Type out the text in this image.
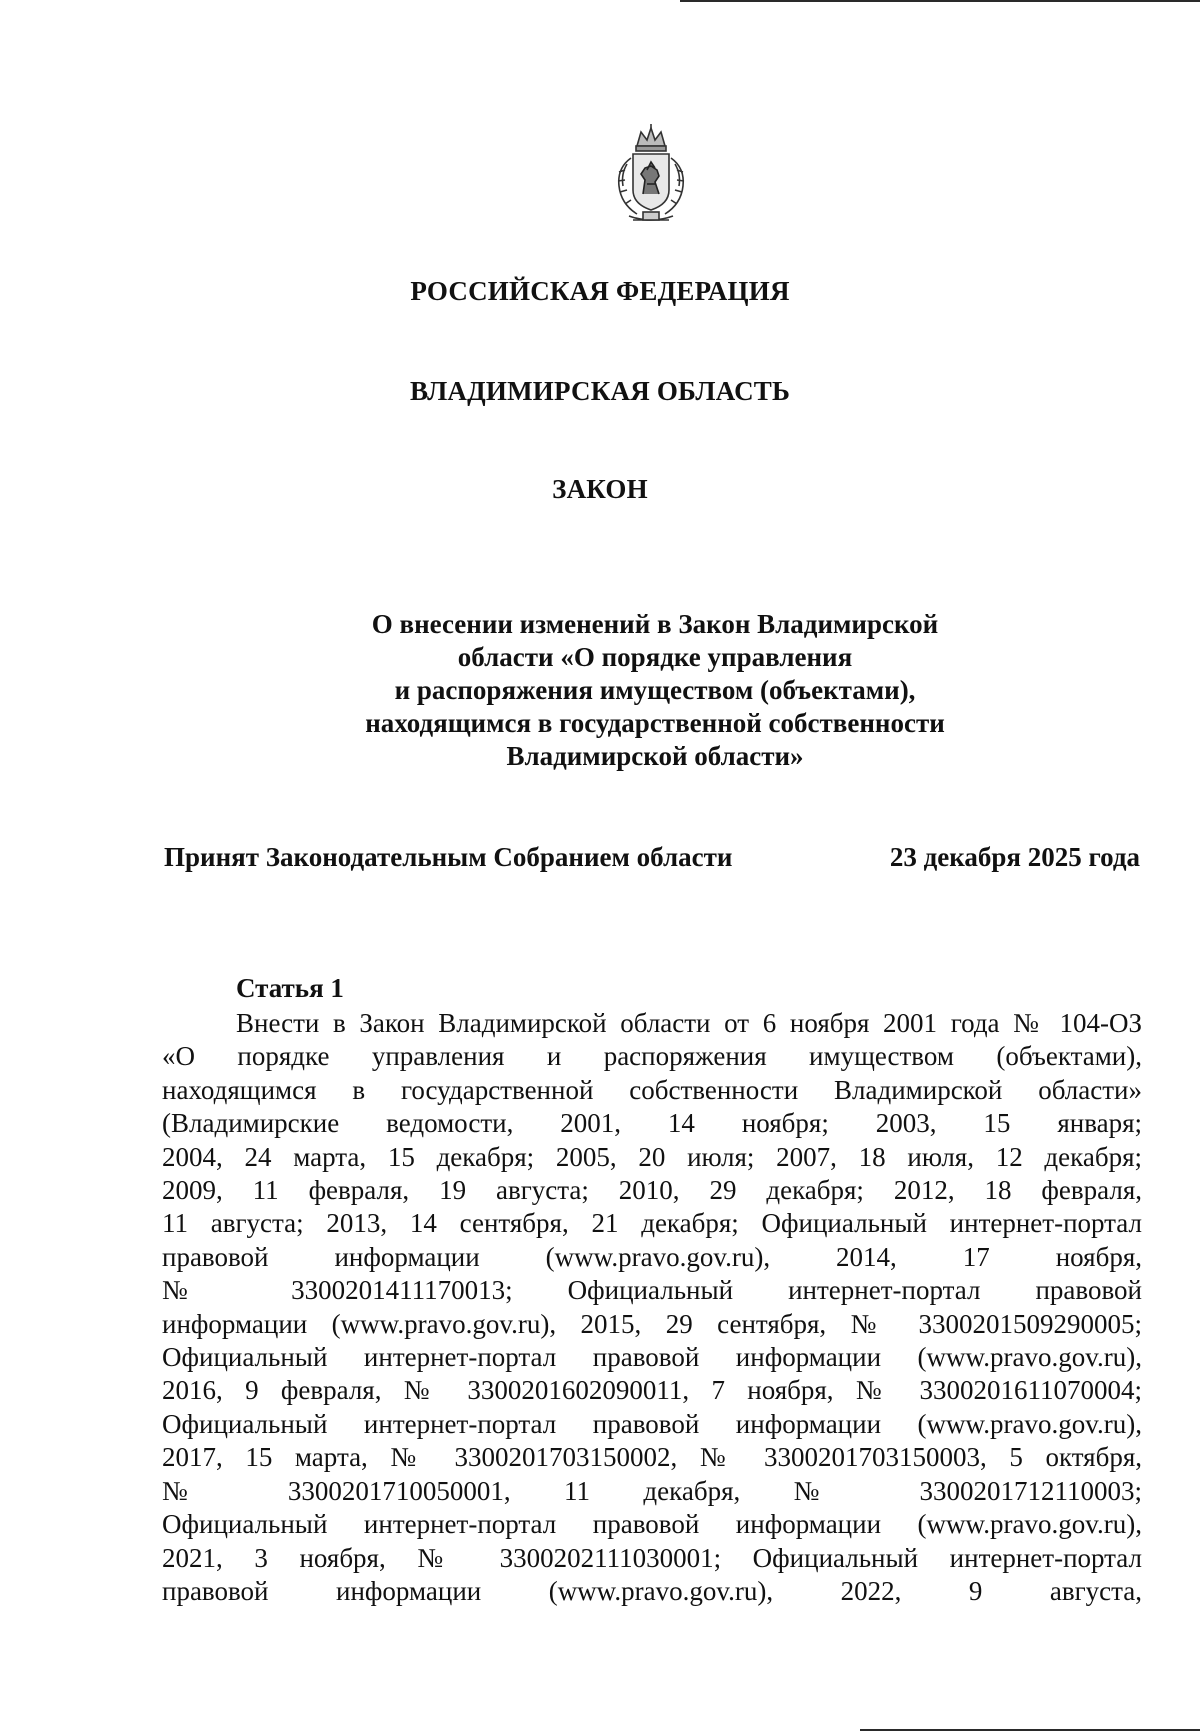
РОССИЙСКАЯ ФЕДЕРАЦИЯ
ВЛАДИМИРСКАЯ ОБЛАСТЬ
ЗАКОН
О внесении изменений в Закон Владимирской
области «О порядке управления
и распоряжения имуществом (объектами),
находящимся в государственной собственности
Владимирской области»
Принят Законодательным Собранием области	23 декабря 2025 года
Статья 1
Внести в Закон Владимирской области от 6 ноября 2001 года № 104-ОЗ
«О порядке управления и распоряжения имуществом (объектами),
находящимся в государственной собственности Владимирской области»
(Владимирские ведомости, 2001, 14 ноября; 2003, 15 января;
2004, 24 марта, 15 декабря; 2005, 20 июля; 2007, 18 июля, 12 декабря;
2009, 11 февраля, 19 августа; 2010, 29 декабря; 2012, 18 февраля,
11 августа; 2013, 14 сентября, 21 декабря; Официальный интернет-портал
правовой информации (www.pravo.gov.ru), 2014, 17 ноября,
№ 3300201411170013; Официальный интернет-портал правовой
информации (www.pravo.gov.ru), 2015, 29 сентября, № 3300201509290005;
Официальный интернет-портал правовой информации (www.pravo.gov.ru),
2016, 9 февраля, № 3300201602090011, 7 ноября, № 3300201611070004;
Официальный интернет-портал правовой информации (www.pravo.gov.ru),
2017, 15 марта, № 3300201703150002, № 3300201703150003, 5 октября,
№ 3300201710050001, 11 декабря, № 3300201712110003;
Официальный интернет-портал правовой информации (www.pravo.gov.ru),
2021, 3 ноября, № 3300202111030001; Официальный интернет-портал
правовой информации (www.pravo.gov.ru), 2022, 9 августа,
